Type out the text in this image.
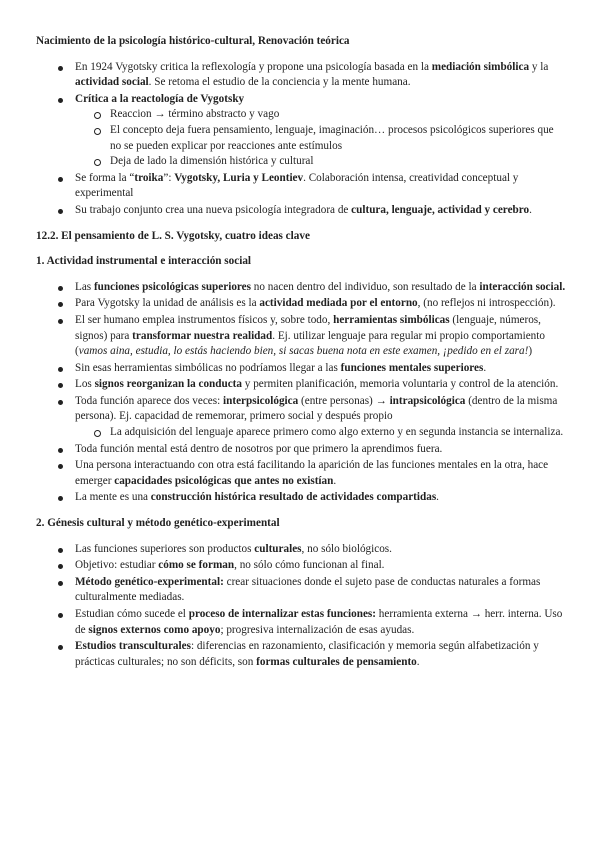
Nacimiento de la psicología histórico-cultural, Renovación teórica

En 1924 Vygotsky critica la reflexología y propone una psicología basada en la mediación simbólica y la actividad social. Se retoma el estudio de la conciencia y la mente humana.
Crítica a la reactología de Vygotsky
Reaccion → término abstracto y vago
El concepto deja fuera pensamiento, lenguaje, imaginación… procesos psicológicos superiores que no se pueden explicar por reacciones ante estímulos
Deja de lado la dimensión histórica y cultural
Se forma la “troika”: Vygotsky, Luria y Leontiev. Colaboración intensa, creatividad conceptual y experimental
Su trabajo conjunto crea una nueva psicología integradora de cultura, lenguaje, actividad y cerebro.

12.2. El pensamiento de L. S. Vygotsky, cuatro ideas clave

1. Actividad instrumental e interacción social

Las funciones psicológicas superiores no nacen dentro del individuo, son resultado de la interacción social.
Para Vygotsky la unidad de análisis es la actividad mediada por el entorno, (no reflejos ni introspección).
El ser humano emplea instrumentos físicos y, sobre todo, herramientas simbólicas (lenguaje, números, signos) para transformar nuestra realidad. Ej. utilizar lenguaje para regular mi propio comportamiento (vamos aina, estudia, lo estás haciendo bien, si sacas buena nota en este examen, ¡pedido en el zara!)
Sin esas herramientas simbólicas no podríamos llegar a las funciones mentales superiores.
Los signos reorganizan la conducta y permiten planificación, memoria voluntaria y control de la atención.
Toda función aparece dos veces: interpsicológica (entre personas) → intrapsicológica (dentro de la misma persona). Ej. capacidad de rememorar, primero social y después propio
La adquisición del lenguaje aparece primero como algo externo y en segunda instancia se internaliza.
Toda función mental está dentro de nosotros por que primero la aprendimos fuera.
Una persona interactuando con otra está facilitando la aparición de las funciones mentales en la otra, hace emerger capacidades psicológicas que antes no existían.
La mente es una construcción histórica resultado de actividades compartidas.

2. Génesis cultural y método genético-experimental

Las funciones superiores son productos culturales, no sólo biológicos.
Objetivo: estudiar cómo se forman, no sólo cómo funcionan al final.
Método genético-experimental: crear situaciones donde el sujeto pase de conductas naturales a formas culturalmente mediadas.
Estudian cómo sucede el proceso de internalizar estas funciones: herramienta externa → herr. interna. Uso de signos externos como apoyo; progresiva internalización de esas ayudas.
Estudios transculturales: diferencias en razonamiento, clasificación y memoria según alfabetización y prácticas culturales; no son déficits, son formas culturales de pensamiento.
